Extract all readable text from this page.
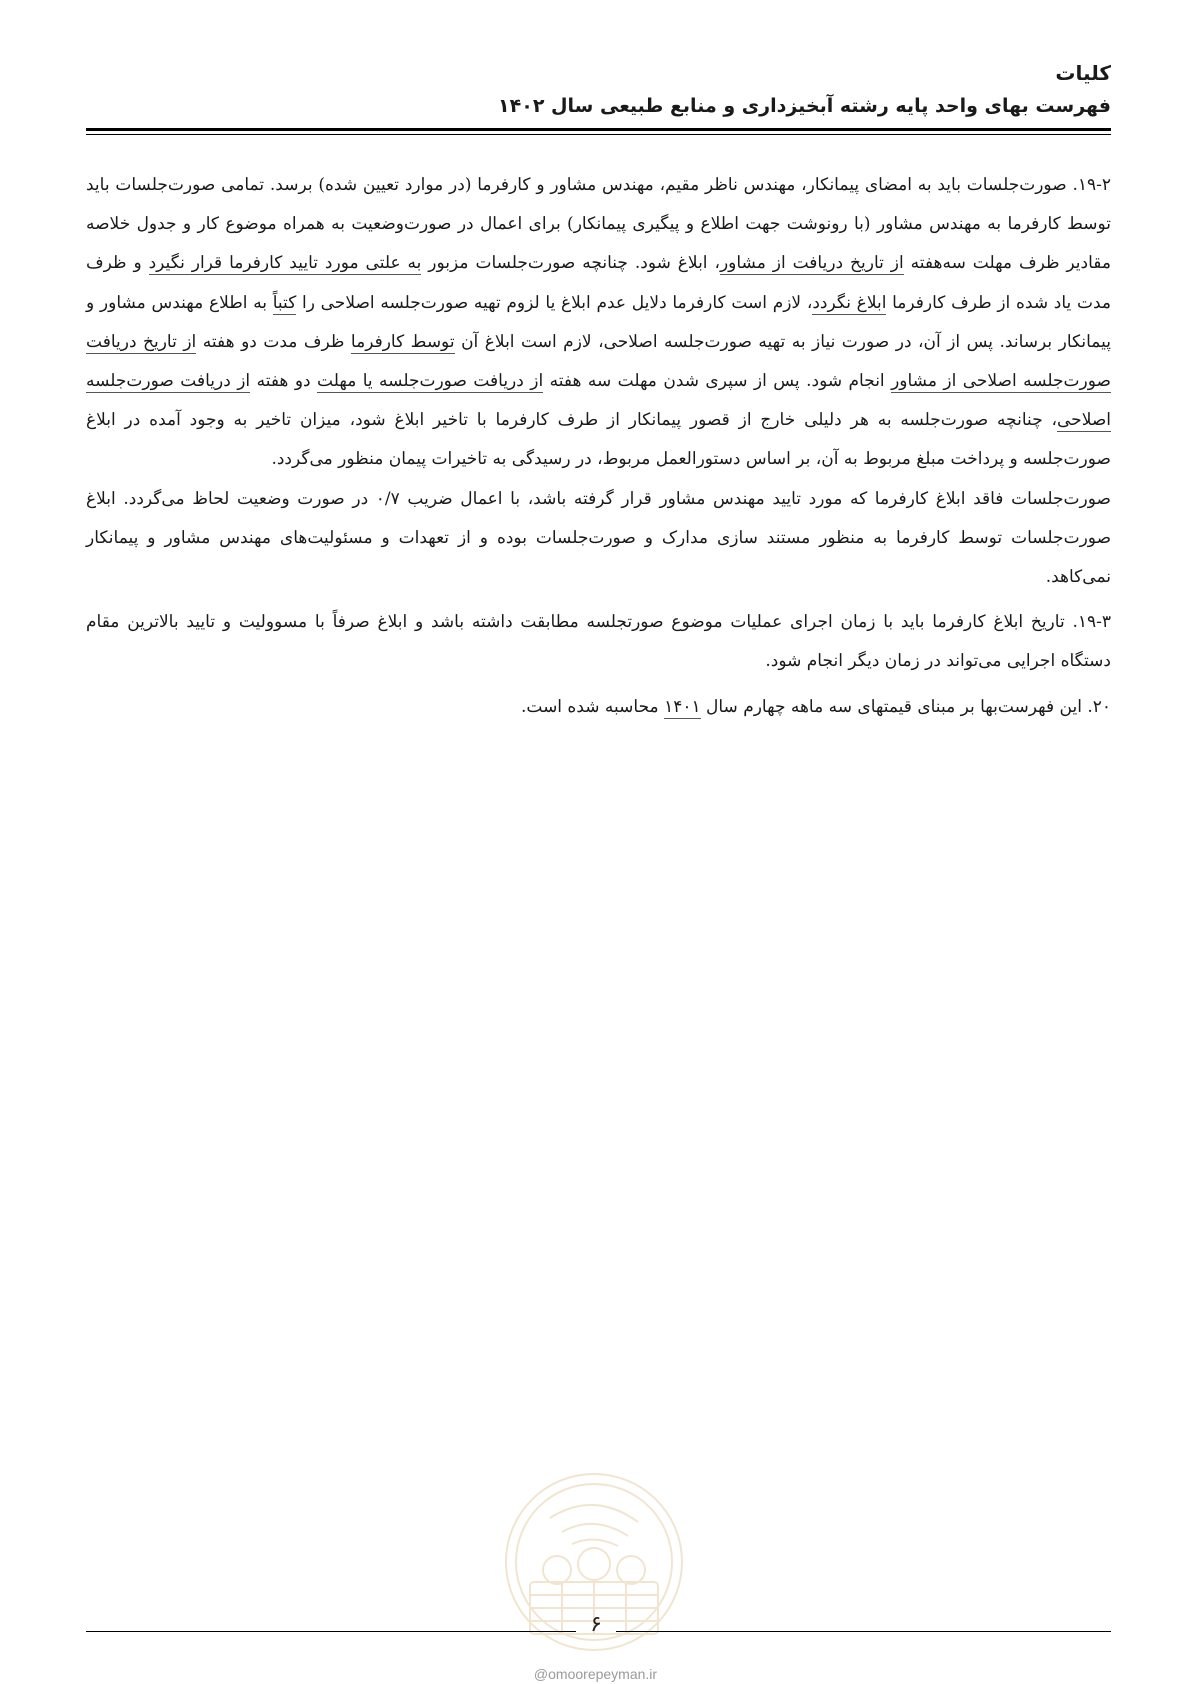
کلیات
فهرست بهای واحد پایه رشته آبخیزداری و منابع طبیعی سال ۱۴۰۲

۱۹-۲. صورت‌جلسات باید به امضای پیمانکار، مهندس ناظر مقیم، مهندس مشاور و کارفرما (در موارد تعیین شده) برسد. تمامی صورت‌جلسات باید توسط کارفرما به مهندس مشاور (با رونوشت جهت اطلاع و پیگیری پیمانکار) برای اعمال در صورت‌وضعیت به همراه موضوع کار و جدول خلاصه مقادیر ظرف مهلت سه‌هفته از تاریخ دریافت از مشاور، ابلاغ شود. چنانچه صورت‌جلسات مزبور به علتی مورد تایید کارفرما قرار نگیرد و ظرف مدت یاد شده از طرف کارفرما ابلاغ نگردد، لازم است کارفرما دلایل عدم ابلاغ یا لزوم تهیه صورت‌جلسه اصلاحی را کتباً به اطلاع مهندس مشاور و پیمانکار برساند. پس از آن، در صورت نیاز به تهیه صورت‌جلسه اصلاحی، لازم است ابلاغ آن توسط کارفرما ظرف مدت دو هفته از تاریخ دریافت صورت‌جلسه اصلاحی از مشاور انجام شود. پس از سپری شدن مهلت سه هفته از دریافت صورت‌جلسه یا مهلت دو هفته از دریافت صورت‌جلسه اصلاحی، چنانچه صورت‌جلسه به هر دلیلی خارج از قصور پیمانکار از طرف کارفرما با تاخیر ابلاغ شود، میزان تاخیر به وجود آمده در ابلاغ صورت‌جلسه و پرداخت مبلغ مربوط به آن، بر اساس دستورالعمل مربوط، در رسیدگی به تاخیرات پیمان منظور می‌گردد.

صورت‌جلسات فاقد ابلاغ کارفرما که مورد تایید مهندس مشاور قرار گرفته باشد، با اعمال ضریب ۰/۷ در صورت وضعیت لحاظ می‌گردد. ابلاغ صورت‌جلسات توسط کارفرما به منظور مستند سازی مدارک و صورت‌جلسات بوده و از تعهدات و مسئولیت‌های مهندس مشاور و پیمانکار نمی‌کاهد.

۱۹-۳. تاریخ ابلاغ کارفرما باید با زمان اجرای عملیات موضوع صورتجلسه مطابقت داشته باشد و ابلاغ صرفاً با مسوولیت و تایید بالاترین مقام دستگاه اجرایی می‌تواند در زمان دیگر انجام شود.

۲۰. این فهرست‌بها بر مبنای قیمتهای سه ماهه چهارم سال ۱۴۰۱ محاسبه شده است.

۶
@omoorepeyman.ir
